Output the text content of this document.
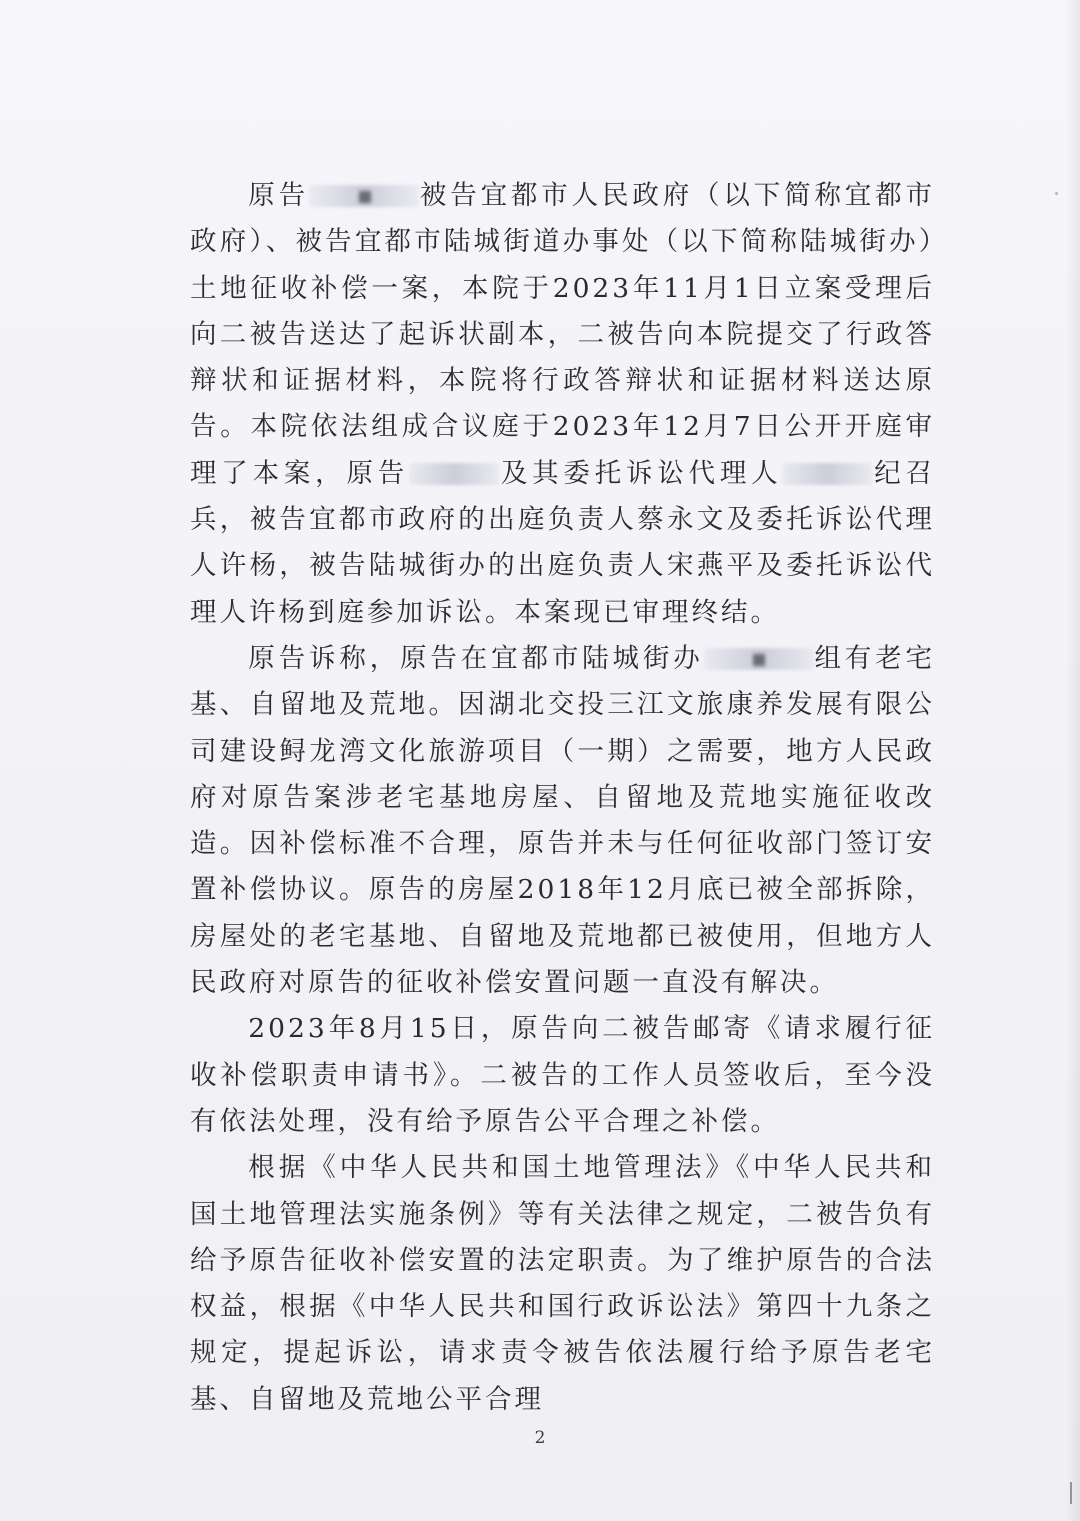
原告	被告宜都市人民政府（以下简称宜都市政府）、被告宜都市陆城街道办事处（以下简称陆城街办）土地征收补偿一案，本院于2023年11月1日立案受理后向二被告送达了起诉状副本，二被告向本院提交了行政答辩状和证据材料，本院将行政答辩状和证据材料送达原告。本院依法组成合议庭于2023年12月7日公开开庭审理了本案，原告	及其委托诉讼代理人	纪召兵，被告宜都市政府的出庭负责人蔡永文及委托诉讼代理人许杨，被告陆城街办的出庭负责人宋燕平及委托诉讼代理人许杨到庭参加诉讼。本案现已审理终结。

原告诉称，原告在宜都市陆城街办	组有老宅基、自留地及荒地。因湖北交投三江文旅康养发展有限公司建设鲟龙湾文化旅游项目（一期）之需要，地方人民政府对原告案涉老宅基地房屋、自留地及荒地实施征收改造。因补偿标准不合理，原告并未与任何征收部门签订安置补偿协议。原告的房屋2018年12月底已被全部拆除，房屋处的老宅基地、自留地及荒地都已被使用，但地方人民政府对原告的征收补偿安置问题一直没有解决。

2023年8月15日，原告向二被告邮寄《请求履行征收补偿职责申请书》。二被告的工作人员签收后，至今没有依法处理，没有给予原告公平合理之补偿。

根据《中华人民共和国土地管理法》《中华人民共和国土地管理法实施条例》等有关法律之规定，二被告负有给予原告征收补偿安置的法定职责。为了维护原告的合法权益，根据《中华人民共和国行政诉讼法》第四十九条之规定，提起诉讼，请求责令被告依法履行给予原告老宅基、自留地及荒地公平合理

2
